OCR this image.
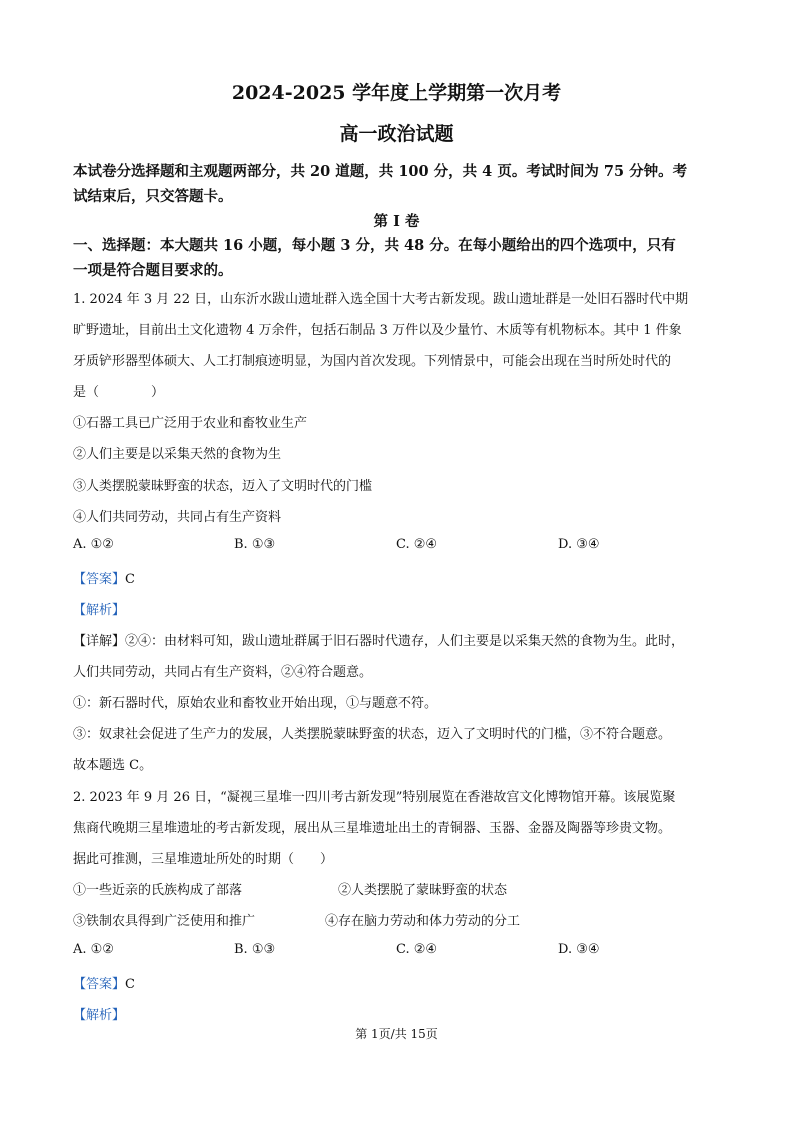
2024-2025 学年度上学期第一次月考
高一政治试题
本试卷分选择题和主观题两部分，共 20 道题，共 100 分，共 4 页。考试时间为 75 分钟。考
试结束后，只交答题卡。
第 I 卷
一、选择题：本大题共 16 小题，每小题 3 分，共 48 分。在每小题给出的四个选项中，只有
一项是符合题目要求的。
1. 2024 年 3 月 22 日，山东沂水跋山遗址群入选全国十大考古新发现。跋山遗址群是一处旧石器时代中期
旷野遗址，目前出土文化遗物 4 万余件，包括石制品 3 万件以及少量竹、木质等有机物标本。其中 1 件象
牙质铲形器型体硕大、人工打制痕迹明显，为国内首次发现。下列情景中，可能会出现在当时所处时代的
是（　　　　）
①石器工具已广泛用于农业和畜牧业生产
②人们主要是以采集天然的食物为生
③人类摆脱蒙昧野蛮的状态，迈入了文明时代的门槛
④人们共同劳动，共同占有生产资料
A. ①②	B. ①③	C. ②④	D. ③④
【答案】C
【解析】
【详解】②④：由材料可知，跋山遗址群属于旧石器时代遗存，人们主要是以采集天然的食物为生。此时，
人们共同劳动，共同占有生产资料，②④符合题意。
①：新石器时代，原始农业和畜牧业开始出现，①与题意不符。
③：奴隶社会促进了生产力的发展，人类摆脱蒙昧野蛮的状态，迈入了文明时代的门槛，③不符合题意。
故本题选 C。
2. 2023 年 9 月 26 日，“凝视三星堆一四川考古新发现”特别展览在香港故宫文化博物馆开幕。该展览聚
焦商代晚期三星堆遗址的考古新发现，展出从三星堆遗址出土的青铜器、玉器、金器及陶器等珍贵文物。
据此可推测，三星堆遗址所处的时期（　　）
①一些近亲的氏族构成了部落	②人类摆脱了蒙昧野蛮的状态
③铁制农具得到广泛使用和推广	④存在脑力劳动和体力劳动的分工
A. ①②	B. ①③	C. ②④	D. ③④
【答案】C
【解析】
第 1页/共 15页
